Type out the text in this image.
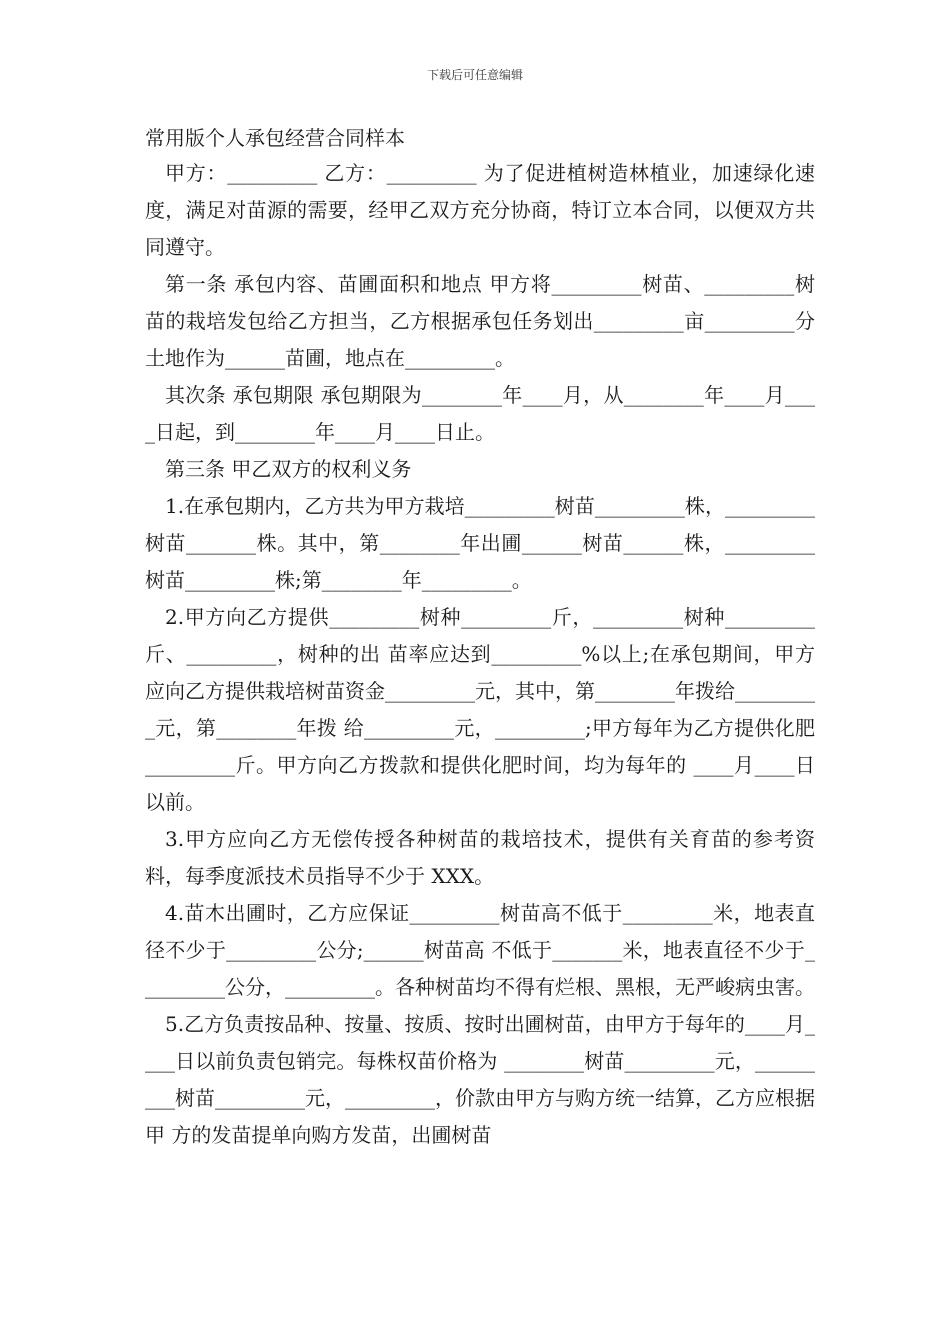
下载后可任意编辑
常用版个人承包经营合同样本

甲方：_________ 乙方：_________ 为了促进植树造林植业，加速绿化速度，满足对苗源的需要，经甲乙双方充分协商，特订立本合同，以便双方共同遵守。

第一条 承包内容、苗圃面积和地点 甲方将_________树苗、_________树苗的栽培发包给乙方担当，乙方根据承包任务划出_________亩_________分土地作为______苗圃，地点在_________。

其次条 承包期限 承包期限为________年____月，从________年____月____日起，到________年____月____日止。

第三条 甲乙双方的权利义务

1.在承包期内，乙方共为甲方栽培_________树苗_________株，_________树苗_______株。其中，第________年出圃______树苗______株，_________树苗_________株;第________年_________。

2.甲方向乙方提供_________树种_________斤，_________树种_________斤、_________，树种的出 苗率应达到_________%以上;在承包期间，甲方应向乙方提供栽培树苗资金_________元，其中，第________年拨给_________元，第________年拨 给_________元，_________;甲方每年为乙方提供化肥_________斤。甲方向乙方拨款和提供化肥时间，均为每年的 ____月____日以前。

3.甲方应向乙方无偿传授各种树苗的栽培技术，提供有关育苗的参考资料，每季度派技术员指导不少于 XXX。

4.苗木出圃时，乙方应保证_________树苗高不低于_________米，地表直径不少于_________公分;______树苗高 不低于_______米，地表直径不少于_________公分，_________。各种树苗均不得有烂根、黑根，无严峻病虫害。

5.乙方负责按品种、按量、按质、按时出圃树苗，由甲方于每年的____月____日以前负责包销完。每株权苗价格为 ________树苗_________元，_________树苗_________元，_________，价款由甲方与购方统一结算，乙方应根据甲 方的发苗提单向购方发苗，出圃树苗
